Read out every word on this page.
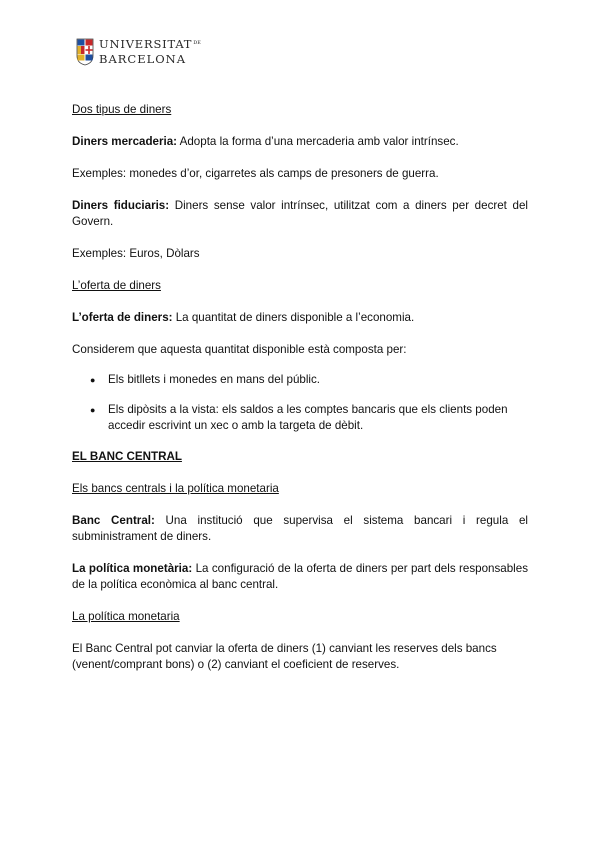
$UNIVERSITAT^{DE}$
BARCELONA

Dos tipus de diners

Diners mercaderia: Adopta la forma d’una mercaderia amb valor intrínsec.

Exemples: monedes d’or, cigarretes als camps de presoners de guerra.

Diners fiduciaris: Diners sense valor intrínsec, utilitzat com a diners per decret del Govern.

Exemples: Euros, Dòlars

L’oferta de diners

L’oferta de diners: La quantitat de diners disponible a l’economia.

Considerem que aquesta quantitat disponible està composta per:

● Els bitllets i monedes en mans del públic.
● Els dipòsits a la vista: els saldos a les comptes bancaris que els clients poden accedir escrivint un xec o amb la targeta de dèbit.

EL BANC CENTRAL

Els bancs centrals i la política monetaria

Banc Central: Una institució que supervisa el sistema bancari i regula el subministrament de diners.

La política monetària: La configuració de la oferta de diners per part dels responsables de la política econòmica al banc central.

La política monetaria

El Banc Central pot canviar la oferta de diners (1) canviant les reserves dels bancs (venent/comprant bons) o (2) canviant el coeficient de reserves.
